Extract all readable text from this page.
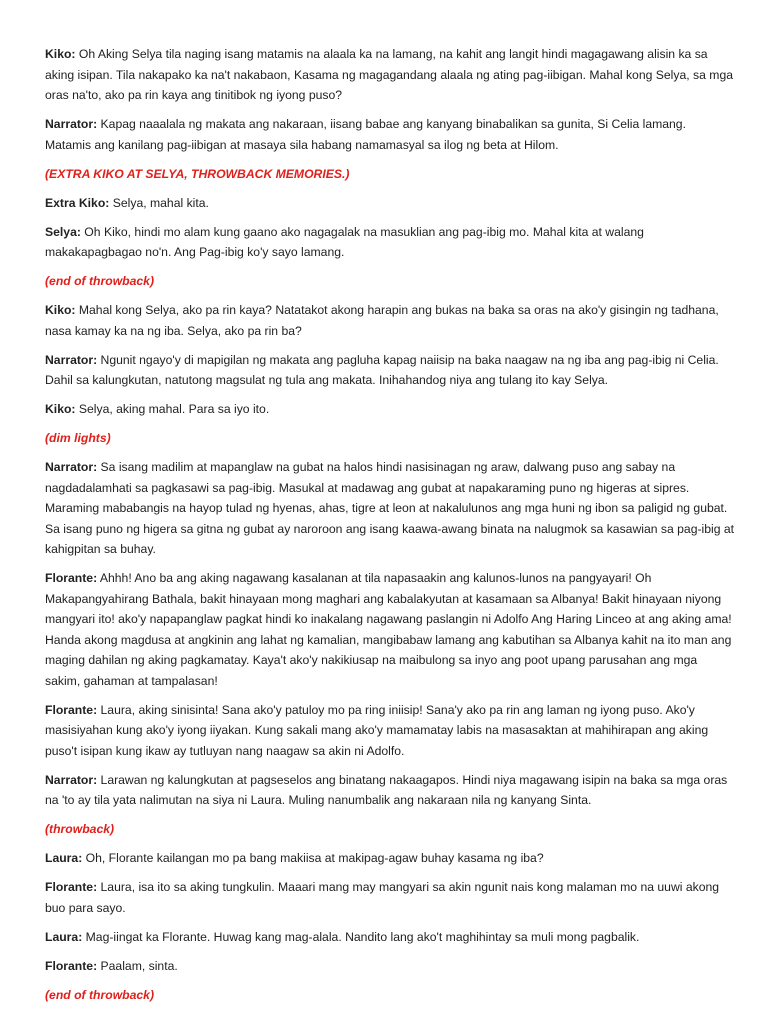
Kiko: Oh Aking Selya tila naging isang matamis na alaala ka na lamang, na kahit ang langit hindi magagawang alisin ka sa aking isipan. Tila nakapako ka na't nakabaon, Kasama ng magagandang alaala ng ating pag-iibigan. Mahal kong Selya, sa mga oras na'to, ako pa rin kaya ang tinitibok ng iyong puso?

Narrator: Kapag naaalala ng makata ang nakaraan, iisang babae ang kanyang binabalikan sa gunita, Si Celia lamang. Matamis ang kanilang pag-iibigan at masaya sila habang namamasyal sa ilog ng beta at Hilom.

(EXTRA KIKO AT SELYA, THROWBACK MEMORIES.)

Extra Kiko: Selya, mahal kita.

Selya: Oh Kiko, hindi mo alam kung gaano ako nagagalak na masuklian ang pag-ibig mo. Mahal kita at walang makakapagbagao no'n. Ang Pag-ibig ko'y sayo lamang.

(end of throwback)

Kiko: Mahal kong Selya, ako pa rin kaya? Natatakot akong harapin ang bukas na baka sa oras na ako'y gisingin ng tadhana, nasa kamay ka na ng iba. Selya, ako pa rin ba?

Narrator: Ngunit ngayo'y di mapigilan ng makata ang pagluha kapag naiisip na baka naagaw na ng iba ang pag-ibig ni Celia. Dahil sa kalungkutan, natutong magsulat ng tula ang makata. Inihahandog niya ang tulang ito kay Selya.

Kiko: Selya, aking mahal. Para sa iyo ito.

(dim lights)

Narrator: Sa isang madilim at mapanglaw na gubat na halos hindi nasisinagan ng araw, dalwang puso ang sabay na nagdadalamhati sa pagkasawi sa pag-ibig. Masukal at madawag ang gubat at napakaraming puno ng higeras at sipres. Maraming mababangis na hayop tulad ng hyenas, ahas, tigre at leon at nakalulunos ang mga huni ng ibon sa paligid ng gubat. Sa isang puno ng higera sa gitna ng gubat ay naroroon ang isang kaawa-awang binata na nalugmok sa kasawian sa pag-ibig at kahigpitan sa buhay.

Florante: Ahhh! Ano ba ang aking nagawang kasalanan at tila napasaakin ang kalunos-lunos na pangyayari! Oh Makapangyahirang Bathala, bakit hinayaan mong maghari ang kabalakyutan at kasamaan sa Albanya! Bakit hinayaan niyong mangyari ito! ako'y napapanglaw pagkat hindi ko inakalang nagawang paslangin ni Adolfo Ang Haring Linceo at ang aking ama! Handa akong magdusa at angkinin ang lahat ng kamalian, mangibabaw lamang ang kabutihan sa Albanya kahit na ito man ang maging dahilan ng aking pagkamatay. Kaya't ako'y nakikiusap na maibulong sa inyo ang poot upang parusahan ang mga sakim, gahaman at tampalasan!

Florante: Laura, aking sinisinta! Sana ako'y patuloy mo pa ring iniisip! Sana'y ako pa rin ang laman ng iyong puso. Ako'y masisiyahan kung ako'y iyong iiyakan. Kung sakali mang ako'y mamamatay labis na masasaktan at mahihirapan ang aking puso't isipan kung ikaw ay tutluyan nang naagaw sa akin ni Adolfo.

Narrator: Larawan ng kalungkutan at pagseselos ang binatang nakaagapos. Hindi niya magawang isipin na baka sa mga oras na 'to ay tila yata nalimutan na siya ni Laura. Muling nanumbalik ang nakaraan nila ng kanyang Sinta.

(throwback)

Laura: Oh, Florante kailangan mo pa bang makiisa at makipag-agaw buhay kasama ng iba?

Florante: Laura, isa ito sa aking tungkulin. Maaari mang may mangyari sa akin ngunit nais kong malaman mo na uuwi akong buo para sayo.

Laura: Mag-iingat ka Florante. Huwag kang mag-alala. Nandito lang ako't maghihintay sa muli mong pagbalik.

Florante: Paalam, sinta.

(end of throwback)
